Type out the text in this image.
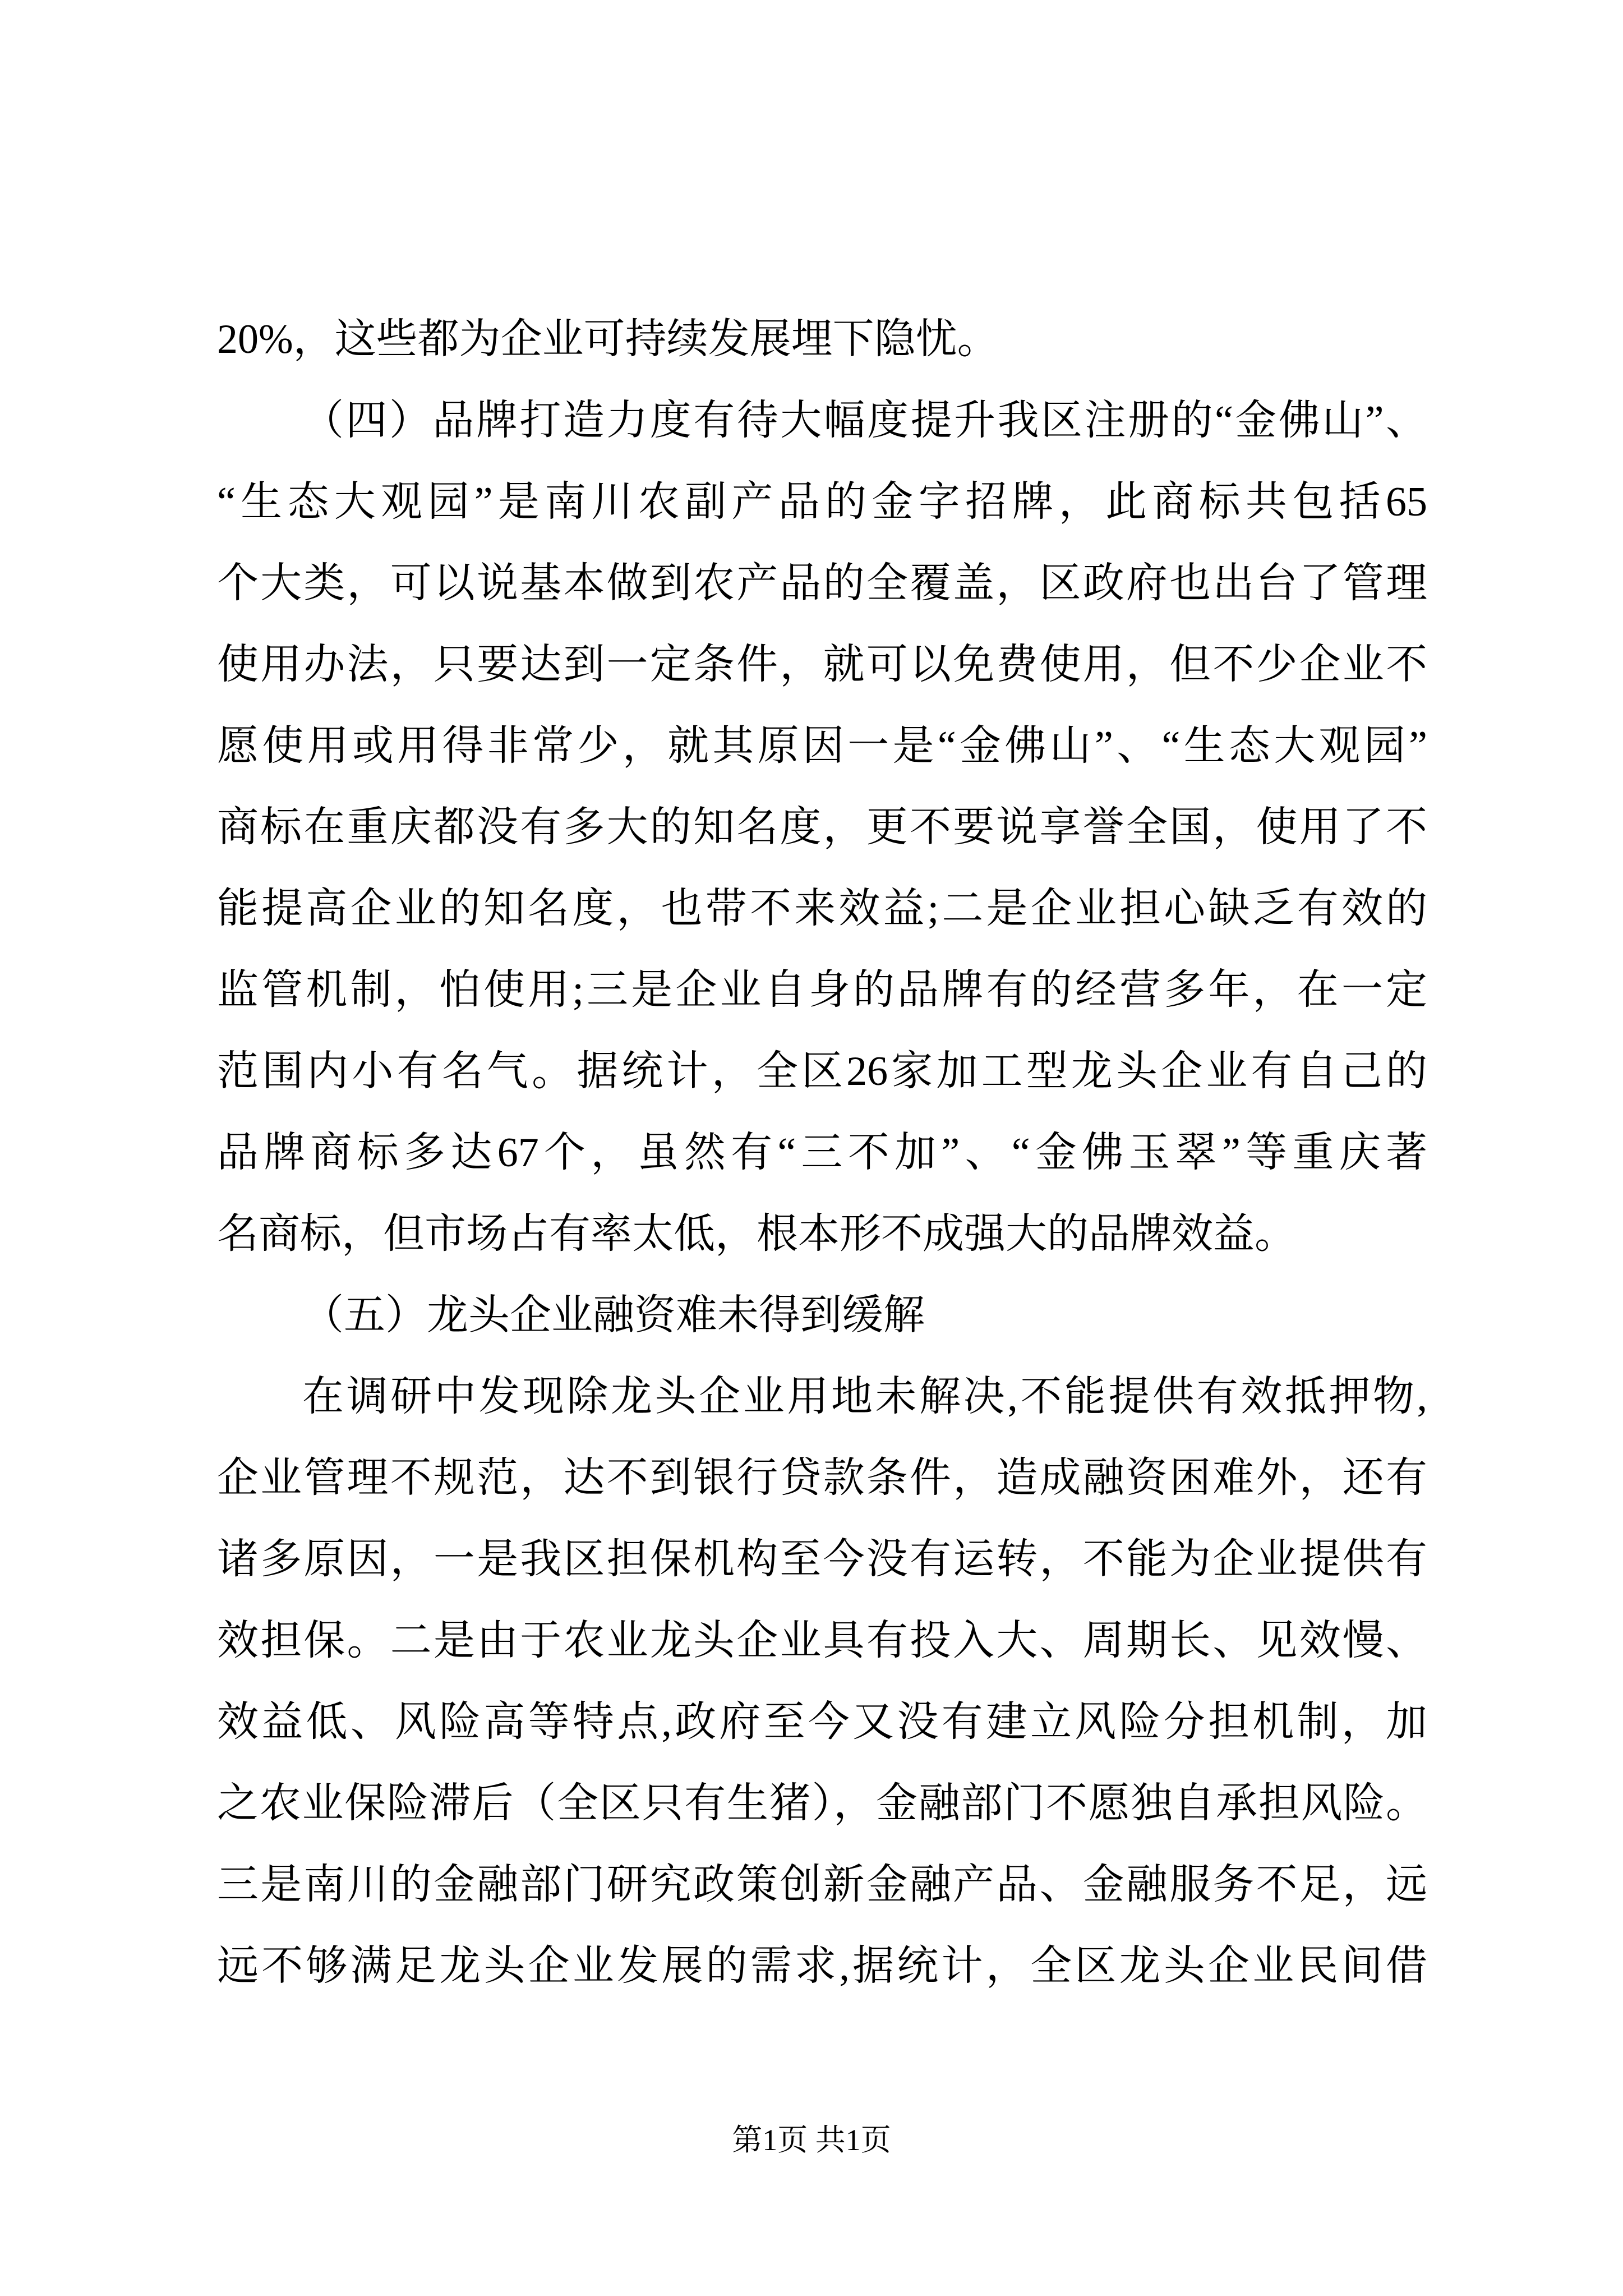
20%，这些都为企业可持续发展埋下隐忧。
（四）品牌打造力度有待大幅度提升我区注册的“金佛山”、
“生态大观园”是南川农副产品的金字招牌，此商标共包括65
个大类，可以说基本做到农产品的全覆盖，区政府也出台了管理
使用办法，只要达到一定条件，就可以免费使用，但不少企业不
愿使用或用得非常少，就其原因一是“金佛山”、“生态大观园”
商标在重庆都没有多大的知名度，更不要说享誉全国，使用了不
能提高企业的知名度，也带不来效益;二是企业担心缺乏有效的
监管机制，怕使用;三是企业自身的品牌有的经营多年，在一定
范围内小有名气。据统计，全区26家加工型龙头企业有自己的
品牌商标多达67个，虽然有“三不加”、“金佛玉翠”等重庆著
名商标，但市场占有率太低，根本形不成强大的品牌效益。
（五）龙头企业融资难未得到缓解
在调研中发现除龙头企业用地未解决,不能提供有效抵押物,
企业管理不规范，达不到银行贷款条件，造成融资困难外，还有
诸多原因，一是我区担保机构至今没有运转，不能为企业提供有
效担保。二是由于农业龙头企业具有投入大、周期长、见效慢、
效益低、风险高等特点,政府至今又没有建立风险分担机制，加
之农业保险滞后（全区只有生猪），金融部门不愿独自承担风险。
三是南川的金融部门研究政策创新金融产品、金融服务不足，远
远不够满足龙头企业发展的需求,据统计，全区龙头企业民间借
第1页 共1页
